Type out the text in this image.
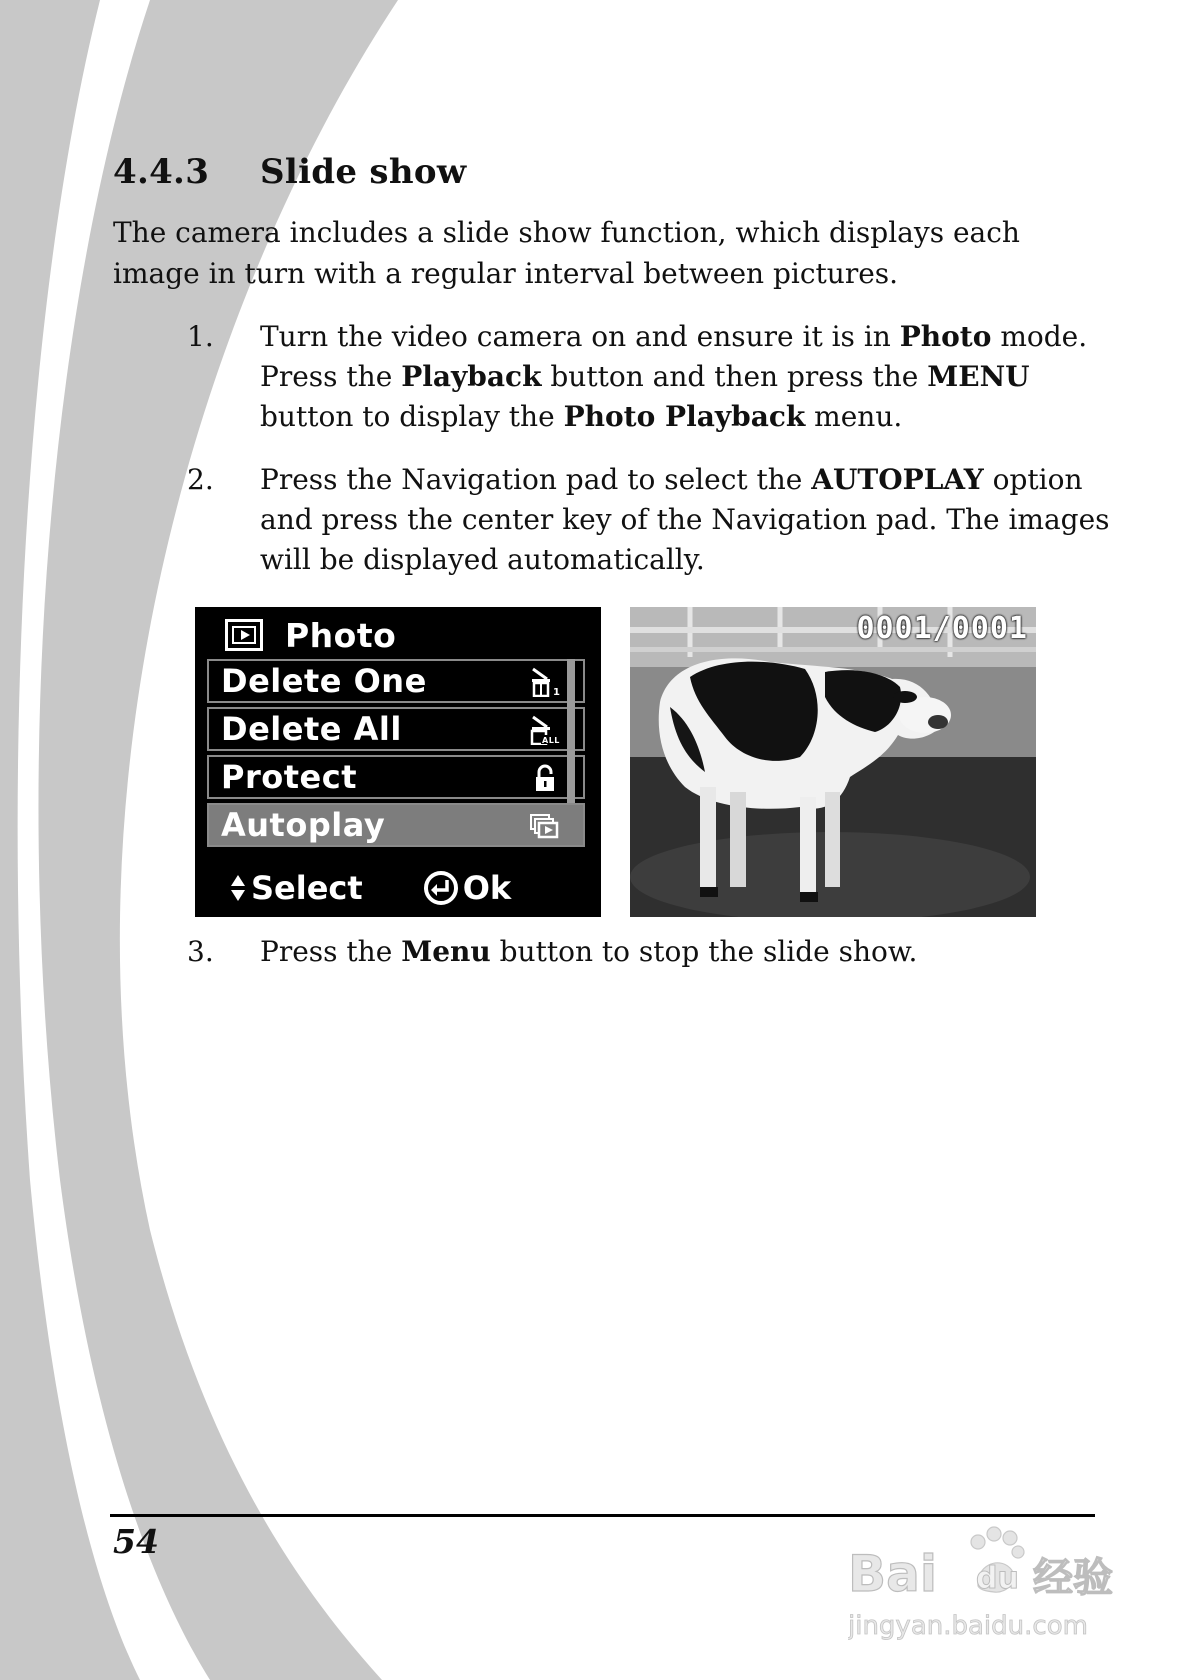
4.4.3 Slide show
The camera includes a slide show function, which displays each image in turn with a regular interval between pictures.
1. Turn the video camera on and ensure it is in Photo mode. Press the Playback button and then press the MENU button to display the Photo Playback menu.
2. Press the Navigation pad to select the AUTOPLAY option and press the center key of the Navigation pad. The images will be displayed automatically.
Photo
Delete One	1
Delete All	ALL
Protect
Autoplay
Select	Ok
0001/0001
3. Press the Menu button to stop the slide show.
54
Bai du 经验
jingyan.baidu.com
